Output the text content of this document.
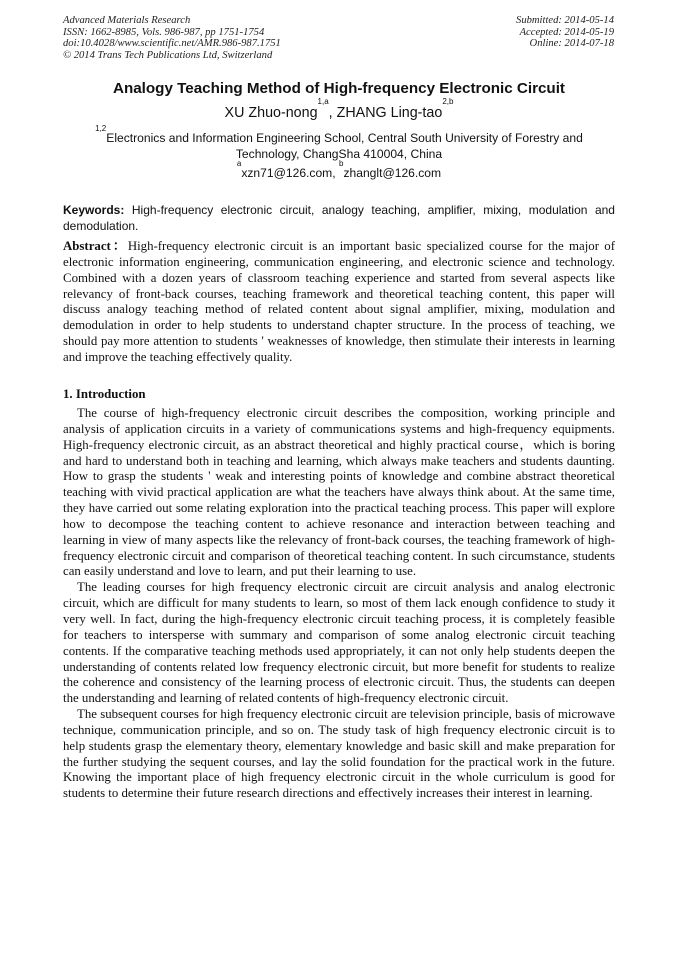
Advanced Materials Research
ISSN: 1662-8985, Vols. 986-987, pp 1751-1754
doi:10.4028/www.scientific.net/AMR.986-987.1751
© 2014 Trans Tech Publications Ltd, Switzerland
Submitted: 2014-05-14
Accepted: 2014-05-19
Online: 2014-07-18
Analogy Teaching Method of High-frequency Electronic Circuit
XU Zhuo-nong$^{1,a}$, ZHANG Ling-tao$^{2,b}$
$^{1,2}$Electronics and Information Engineering School, Central South University of Forestry and
Technology, ChangSha 410004, China
$^a$xzn71@126.com, $^b$zhanglt@126.com
Keywords: High-frequency electronic circuit, analogy teaching, amplifier, mixing, modulation and demodulation.
Abstract：High-frequency electronic circuit is an important basic specialized course for the major of electronic information engineering, communication engineering, and electronic science and technology. Combined with a dozen years of classroom teaching experience and started from several aspects like relevancy of front-back courses, teaching framework and theoretical teaching content, this paper will discuss analogy teaching method of related content about signal amplifier, mixing, modulation and demodulation in order to help students to understand chapter structure. In the process of teaching, we should pay more attention to students ' weaknesses of knowledge, then stimulate their interests in learning and improve the teaching effectively quality.
1. Introduction

The course of high-frequency electronic circuit describes the composition, working principle and analysis of application circuits in a variety of communications systems and high-frequency equipments. High-frequency electronic circuit, as an abstract theoretical and highly practical course，which is boring and hard to understand both in teaching and learning, which always make teachers and students daunting. How to grasp the students ' weak and interesting points of knowledge and combine abstract theoretical teaching with vivid practical application are what the teachers have always think about. At the same time, they have carried out some relating exploration into the practical teaching process. This paper will explore how to decompose the teaching content to achieve resonance and interaction between teaching and learning in view of many aspects like the relevancy of front-back courses, the teaching framework of high-frequency electronic circuit and comparison of theoretical teaching content. In such circumstance, students can easily understand and love to learn, and put their learning to use.

The leading courses for high frequency electronic circuit are circuit analysis and analog electronic circuit, which are difficult for many students to learn, so most of them lack enough confidence to study it very well. In fact, during the high-frequency electronic circuit teaching process, it is completely feasible for teachers to intersperse with summary and comparison of some analog electronic circuit teaching contents. If the comparative teaching methods used appropriately, it can not only help students deepen the understanding of contents related low frequency electronic circuit, but more benefit for students to realize the coherence and consistency of the learning process of electronic circuit. Thus, the students can deepen the understanding and learning of related contents of high-frequency electronic circuit.

The subsequent courses for high frequency electronic circuit are television principle, basis of microwave technique, communication principle, and so on. The study task of high frequency electronic circuit is to help students grasp the elementary theory, elementary knowledge and basic skill and make preparation for the further studying the sequent courses, and lay the solid foundation for the practical work in the future. Knowing the important place of high frequency electronic circuit in the whole curriculum is good for students to determine their future research directions and effectively increases their interest in learning.
